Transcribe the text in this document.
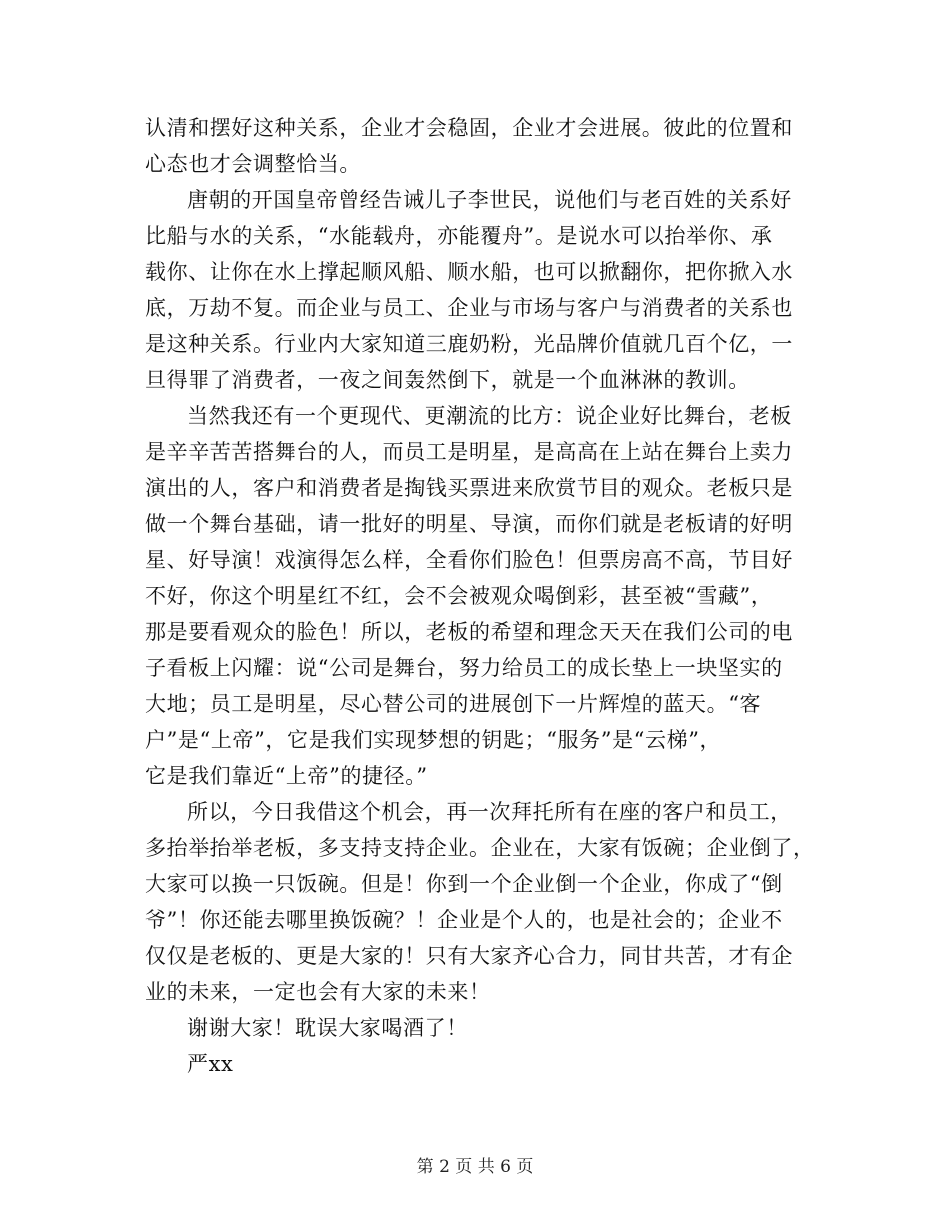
认清和摆好这种关系，企业才会稳固，企业才会进展。彼此的位置和
心态也才会调整恰当。
唐朝的开国皇帝曾经告诫儿子李世民，说他们与老百姓的关系好
比船与水的关系，“水能载舟，亦能覆舟”。是说水可以抬举你、承
载你、让你在水上撑起顺风船、顺水船，也可以掀翻你，把你掀入水
底，万劫不复。而企业与员工、企业与市场与客户与消费者的关系也
是这种关系。行业内大家知道三鹿奶粉，光品牌价值就几百个亿，一
旦得罪了消费者，一夜之间轰然倒下，就是一个血淋淋的教训。
当然我还有一个更现代、更潮流的比方：说企业好比舞台，老板
是辛辛苦苦搭舞台的人，而员工是明星，是高高在上站在舞台上卖力
演出的人，客户和消费者是掏钱买票进来欣赏节目的观众。老板只是
做一个舞台基础，请一批好的明星、导演，而你们就是老板请的好明
星、好导演！戏演得怎么样，全看你们脸色！但票房高不高，节目好
不好，你这个明星红不红，会不会被观众喝倒彩，甚至被“雪藏”，
那是要看观众的脸色！所以，老板的希望和理念天天在我们公司的电
子看板上闪耀：说“公司是舞台，努力给员工的成长垫上一块坚实的
大地；员工是明星，尽心替公司的进展创下一片辉煌的蓝天。“客
户”是“上帝”，它是我们实现梦想的钥匙；“服务”是“云梯”，
它是我们靠近“上帝”的捷径。”
所以，今日我借这个机会，再一次拜托所有在座的客户和员工，
多抬举抬举老板，多支持支持企业。企业在，大家有饭碗；企业倒了，
大家可以换一只饭碗。但是！你到一个企业倒一个企业，你成了“倒
爷”！你还能去哪里换饭碗？！企业是个人的，也是社会的；企业不
仅仅是老板的、更是大家的！只有大家齐心合力，同甘共苦，才有企
业的未来，一定也会有大家的未来！
谢谢大家！耽误大家喝酒了！
严xx
第 2 页 共 6 页
